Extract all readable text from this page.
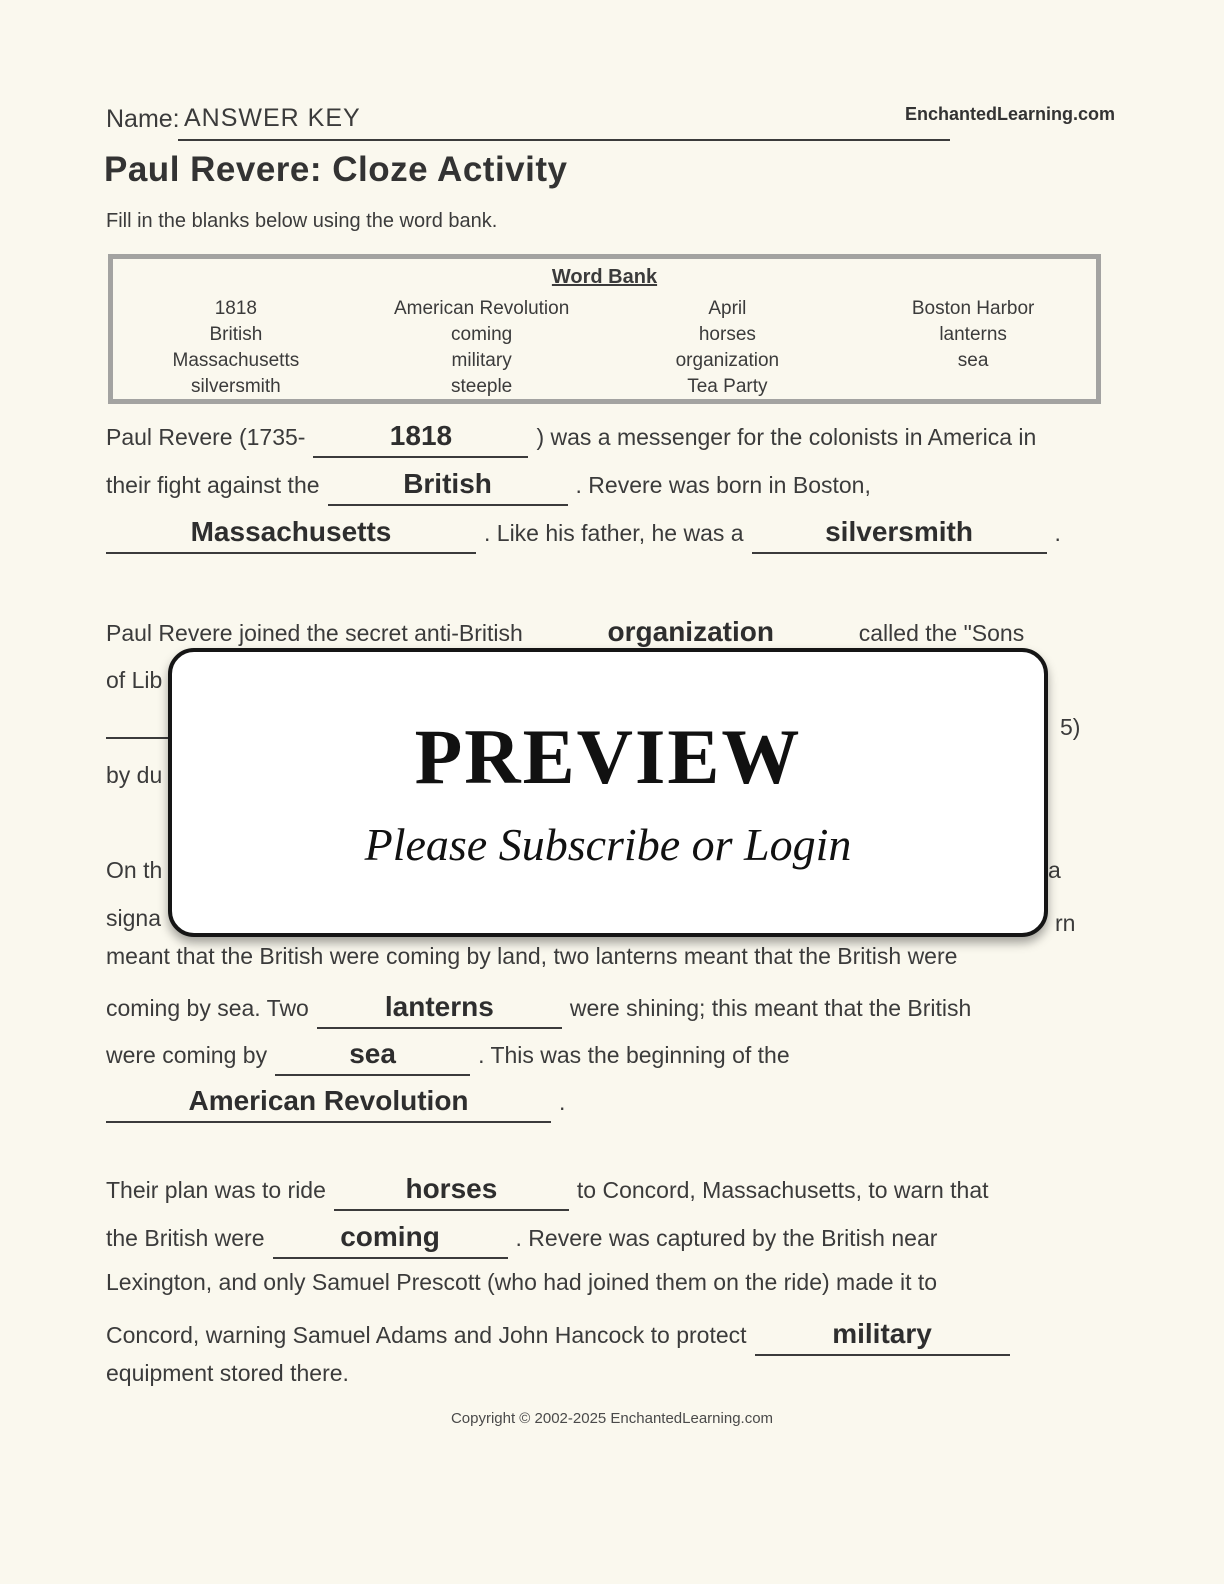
Name: ANSWER KEY	EnchantedLearning.com
Paul Revere: Cloze Activity
Fill in the blanks below using the word bank.
Word Bank
1818	American Revolution	April	Boston Harbor
British	coming	horses	lanterns
Massachusetts	military	organization	sea
silversmith	steeple	Tea Party
Paul Revere (1735-	1818	) was a messenger for the colonists in America in
their fight against the	British	. Revere was born in Boston,
Massachusetts	. Like his father, he was a	silversmith	.
Paul Revere joined the secret anti-British	organization	called the "Sons
of Lib
5)
by du
On th	a
signa	rn
meant that the British were coming by land, two lanterns meant that the British were
coming by sea. Two	lanterns	were shining; this meant that the British
were coming by	sea	. This was the beginning of the
American Revolution	.
Their plan was to ride	horses	to Concord, Massachusetts, to warn that
the British were	coming	. Revere was captured by the British near
Lexington, and only Samuel Prescott (who had joined them on the ride) made it to
Concord, warning Samuel Adams and John Hancock to protect	military
equipment stored there.
PREVIEW
Please Subscribe or Login
Copyright © 2002-2025 EnchantedLearning.com
